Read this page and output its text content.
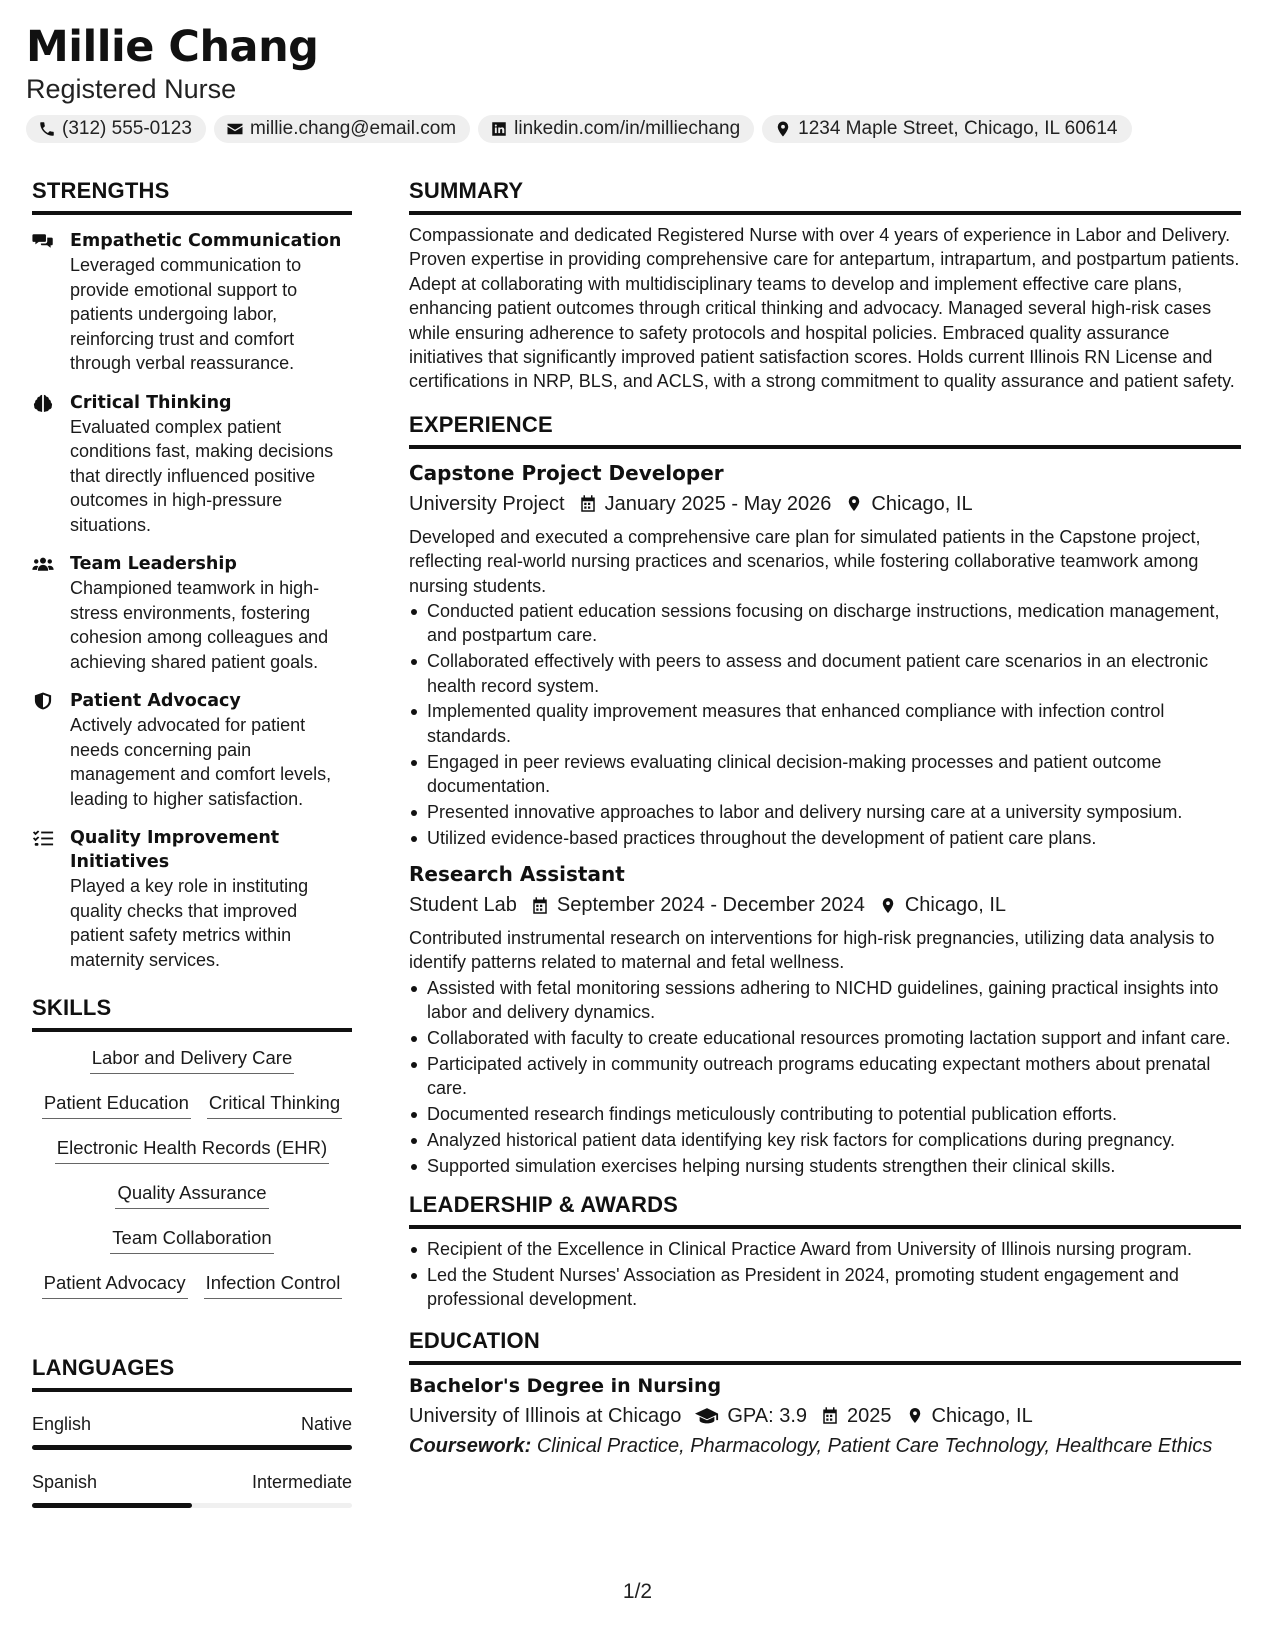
Millie Chang
Registered Nurse
(312) 555-0123	millie.chang@email.com	linkedin.com/in/milliechang	1234 Maple Street, Chicago, IL 60614
STRENGTHS
Empathetic Communication
Leveraged communication to provide emotional support to patients undergoing labor, reinforcing trust and comfort through verbal reassurance.
Critical Thinking
Evaluated complex patient conditions fast, making decisions that directly influenced positive outcomes in high-pressure situations.
Team Leadership
Championed teamwork in high-stress environments, fostering cohesion among colleagues and achieving shared patient goals.
Patient Advocacy
Actively advocated for patient needs concerning pain management and comfort levels, leading to higher satisfaction.
Quality Improvement Initiatives
Played a key role in instituting quality checks that improved patient safety metrics within maternity services.
SKILLS
Labor and Delivery Care
Patient Education Critical Thinking
Electronic Health Records (EHR)
Quality Assurance
Team Collaboration
Patient Advocacy Infection Control
LANGUAGES
English	Native
Spanish	Intermediate
SUMMARY
Compassionate and dedicated Registered Nurse with over 4 years of experience in Labor and Delivery. Proven expertise in providing comprehensive care for antepartum, intrapartum, and postpartum patients. Adept at collaborating with multidisciplinary teams to develop and implement effective care plans, enhancing patient outcomes through critical thinking and advocacy. Managed several high-risk cases while ensuring adherence to safety protocols and hospital policies. Embraced quality assurance initiatives that significantly improved patient satisfaction scores. Holds current Illinois RN License and certifications in NRP, BLS, and ACLS, with a strong commitment to quality assurance and patient safety.
EXPERIENCE
Capstone Project Developer
University Project January 2025 - May 2026 Chicago, IL
Developed and executed a comprehensive care plan for simulated patients in the Capstone project, reflecting real-world nursing practices and scenarios, while fostering collaborative teamwork among nursing students.
Conducted patient education sessions focusing on discharge instructions, medication management, and postpartum care.
Collaborated effectively with peers to assess and document patient care scenarios in an electronic health record system.
Implemented quality improvement measures that enhanced compliance with infection control standards.
Engaged in peer reviews evaluating clinical decision-making processes and patient outcome documentation.
Presented innovative approaches to labor and delivery nursing care at a university symposium.
Utilized evidence-based practices throughout the development of patient care plans.
Research Assistant
Student Lab September 2024 - December 2024 Chicago, IL
Contributed instrumental research on interventions for high-risk pregnancies, utilizing data analysis to identify patterns related to maternal and fetal wellness.
Assisted with fetal monitoring sessions adhering to NICHD guidelines, gaining practical insights into labor and delivery dynamics.
Collaborated with faculty to create educational resources promoting lactation support and infant care.
Participated actively in community outreach programs educating expectant mothers about prenatal care.
Documented research findings meticulously contributing to potential publication efforts.
Analyzed historical patient data identifying key risk factors for complications during pregnancy.
Supported simulation exercises helping nursing students strengthen their clinical skills.
LEADERSHIP & AWARDS
Recipient of the Excellence in Clinical Practice Award from University of Illinois nursing program.
Led the Student Nurses' Association as President in 2024, promoting student engagement and professional development.
EDUCATION
Bachelor's Degree in Nursing
University of Illinois at Chicago GPA: 3.9 2025 Chicago, IL
Coursework: Clinical Practice, Pharmacology, Patient Care Technology, Healthcare Ethics
1/2
